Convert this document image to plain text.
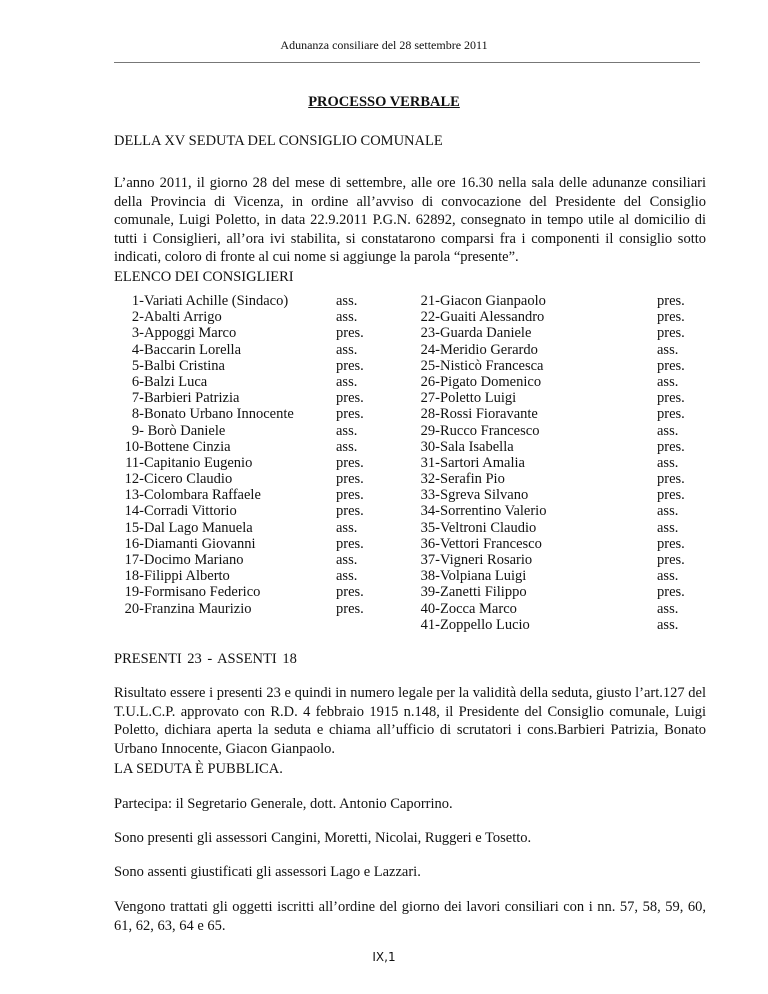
Adunanza consiliare del 28 settembre 2011
PROCESSO VERBALE
DELLA XV SEDUTA DEL CONSIGLIO COMUNALE
L’anno 2011, il giorno 28 del mese di settembre, alle ore 16.30 nella sala delle adunanze consiliari della Provincia di Vicenza, in ordine all’avviso di convocazione del Presidente del Consiglio comunale, Luigi Poletto, in data 22.9.2011 P.G.N. 62892, consegnato in tempo utile al domicilio di tutti i Consiglieri, all’ora ivi stabilita, si constatarono comparsi fra i componenti il consiglio sotto indicati, coloro di fronte al cui nome si aggiunge la parola “presente”.
ELENCO DEI CONSIGLIERI
1-Variati Achille (Sindaco)
2-Abalti Arrigo
3-Appoggi Marco
4-Baccarin Lorella
5-Balbi Cristina
6-Balzi Luca
7-Barbieri Patrizia
8-Bonato Urbano Innocente
9- Borò Daniele
10-Bottene Cinzia
11-Capitanio Eugenio
12-Cicero Claudio
13-Colombara Raffaele
14-Corradi Vittorio
15-Dal Lago Manuela
16-Diamanti Giovanni
17-Docimo Mariano
18-Filippi Alberto
19-Formisano Federico
20-Franzina Maurizio
ass.
ass.
pres.
ass.
pres.
ass.
pres.
pres.
ass.
ass.
pres.
pres.
pres.
pres.
ass.
pres.
ass.
ass.
pres.
pres.
21-Giacon Gianpaolo
22-Guaiti Alessandro
23-Guarda Daniele
24-Meridio Gerardo
25-Nisticò Francesca
26-Pigato Domenico
27-Poletto Luigi
28-Rossi Fioravante
29-Rucco Francesco
30-Sala Isabella
31-Sartori Amalia
32-Serafin Pio
33-Sgreva Silvano
34-Sorrentino Valerio
35-Veltroni Claudio
36-Vettori Francesco
37-Vigneri Rosario
38-Volpiana Luigi
39-Zanetti Filippo
40-Zocca Marco
41-Zoppello Lucio
pres.
pres.
pres.
ass.
pres.
ass.
pres.
pres.
ass.
pres.
ass.
pres.
pres.
ass.
ass.
pres.
pres.
ass.
pres.
ass.
ass.
PRESENTI 23 - ASSENTI 18
Risultato essere i presenti 23 e quindi in numero legale per la validità della seduta, giusto l’art.127 del T.U.L.C.P. approvato con R.D. 4 febbraio 1915 n.148, il Presidente del Consiglio comunale, Luigi Poletto, dichiara aperta la seduta e chiama all’ufficio di scrutatori i cons.Barbieri Patrizia, Bonato Urbano Innocente, Giacon Gianpaolo.
LA SEDUTA È PUBBLICA.
Partecipa: il Segretario Generale, dott. Antonio Caporrino.
Sono presenti gli assessori Cangini, Moretti, Nicolai, Ruggeri e Tosetto.
Sono assenti giustificati gli assessori Lago e Lazzari.
Vengono trattati gli oggetti iscritti all’ordine del giorno dei lavori consiliari con i nn. 57, 58, 59, 60, 61, 62, 63, 64 e 65.
IX,1
